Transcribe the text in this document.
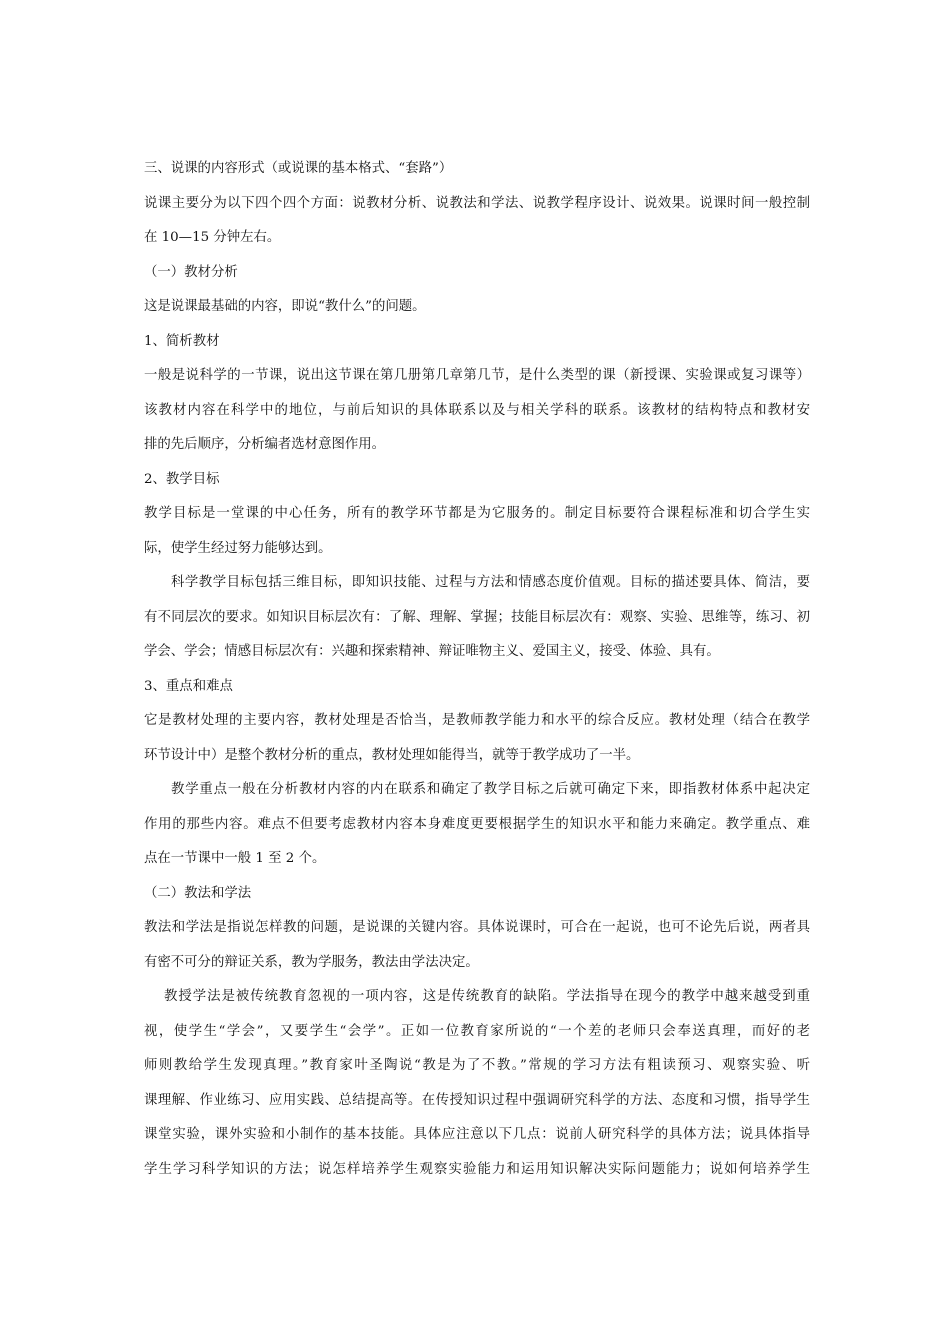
三、说课的内容形式（或说课的基本格式、“套路”）

说课主要分为以下四个四个方面：说教材分析、说教法和学法、说教学程序设计、说效果。说课时间一般控制

在 10—15 分钟左右。

（一）教材分析

这是说课最基础的内容，即说“教什么”的问题。

1、简析教材

一般是说科学的一节课，说出这节课在第几册第几章第几节，是什么类型的课（新授课、实验课或复习课等）

该教材内容在科学中的地位，与前后知识的具体联系以及与相关学科的联系。该教材的结构特点和教材安

排的先后顺序，分析编者选材意图作用。

2、教学目标

教学目标是一堂课的中心任务，所有的教学环节都是为它服务的。制定目标要符合课程标准和切合学生实

际，使学生经过努力能够达到。

科学教学目标包括三维目标，即知识技能、过程与方法和情感态度价值观。目标的描述要具体、简洁，要

有不同层次的要求。如知识目标层次有：了解、理解、掌握；技能目标层次有：观察、实验、思维等，练习、初

学会、学会；情感目标层次有：兴趣和探索精神、辩证唯物主义、爱国主义，接受、体验、具有。

3、重点和难点

它是教材处理的主要内容，教材处理是否恰当，是教师教学能力和水平的综合反应。教材处理（结合在教学

环节设计中）是整个教材分析的重点，教材处理如能得当，就等于教学成功了一半。

教学重点一般在分析教材内容的内在联系和确定了教学目标之后就可确定下来，即指教材体系中起决定

作用的那些内容。难点不但要考虑教材内容本身难度更要根据学生的知识水平和能力来确定。教学重点、难

点在一节课中一般 1 至 2 个。

（二）教法和学法

教法和学法是指说怎样教的问题，是说课的关键内容。具体说课时，可合在一起说，也可不论先后说，两者具

有密不可分的辩证关系，教为学服务，教法由学法决定。

教授学法是被传统教育忽视的一项内容，这是传统教育的缺陷。学法指导在现今的教学中越来越受到重

视，使学生“学会”，又要学生“会学”。正如一位教育家所说的“一个差的老师只会奉送真理，而好的老

师则教给学生发现真理。”教育家叶圣陶说“教是为了不教。”常规的学习方法有粗读预习、观察实验、听

课理解、作业练习、应用实践、总结提高等。在传授知识过程中强调研究科学的方法、态度和习惯，指导学生

课堂实验，课外实验和小制作的基本技能。具体应注意以下几点：说前人研究科学的具体方法；说具体指导

学生学习科学知识的方法；说怎样培养学生观察实验能力和运用知识解决实际问题能力；说如何培养学生
